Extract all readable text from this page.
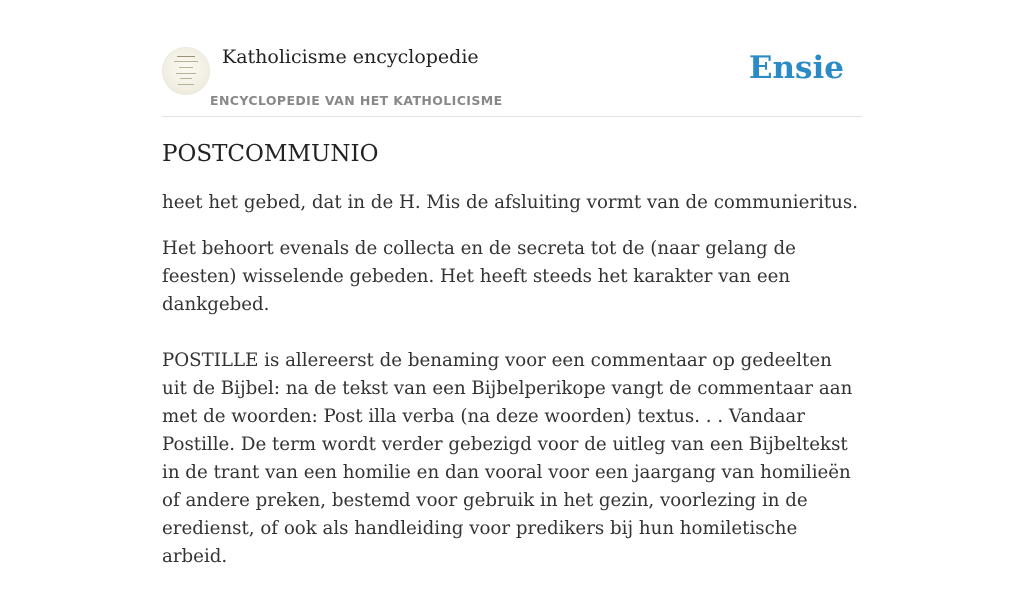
Katholicisme encyclopedie
ENCYCLOPEDIE VAN HET KATHOLICISME
Ensie
POSTCOMMUNIO

heet het gebed, dat in de H. Mis de afsluiting vormt van de communieritus.

Het behoort evenals de collecta en de secreta tot de (naar gelang de feesten) wisselende gebeden. Het heeft steeds het karakter van een dankgebed.

POSTILLE is allereerst de benaming voor een commentaar op gedeelten uit de Bijbel: na de tekst van een Bijbelperikope vangt de commentaar aan met de woorden: Post illa verba (na deze woorden) textus. . . Vandaar Postille. De term wordt verder gebezigd voor de uitleg van een Bijbeltekst in de trant van een homilie en dan vooral voor een jaargang van homilieën of andere preken, bestemd voor gebruik in het gezin, voorlezing in de eredienst, of ook als handleiding voor predikers bij hun homiletische arbeid.
